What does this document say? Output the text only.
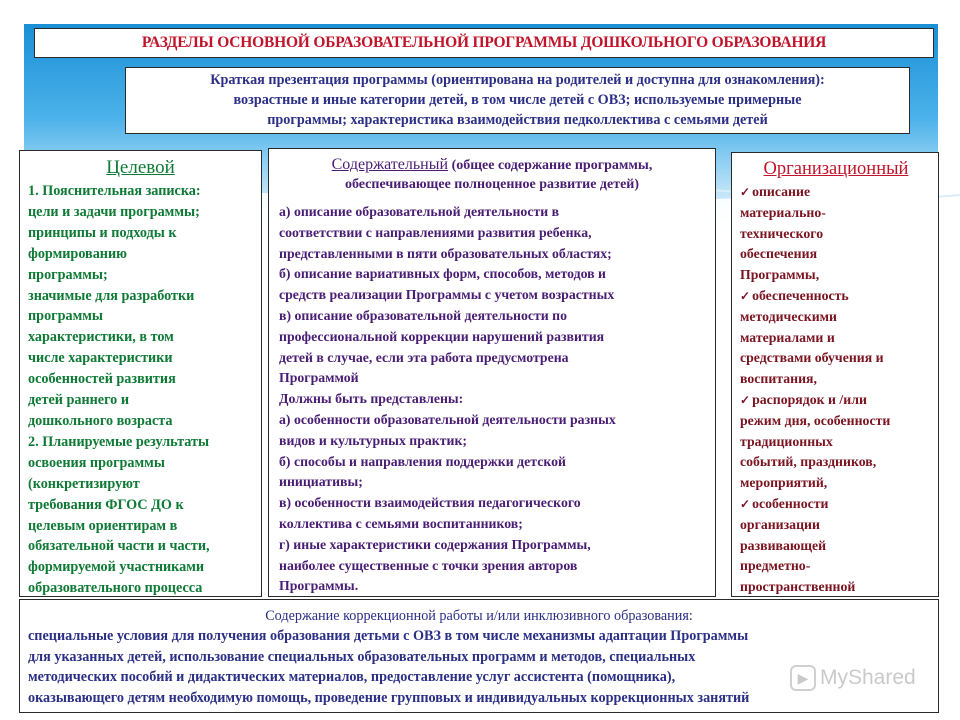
РАЗДЕЛЫ ОСНОВНОЙ ОБРАЗОВАТЕЛЬНОЙ ПРОГРАММЫ ДОШКОЛЬНОГО ОБРАЗОВАНИЯ
Краткая презентация программы (ориентирована на родителей и доступна для ознакомления):
возрастные и иные категории детей, в том числе детей с ОВЗ; используемые примерные
программы; характеристика взаимодействия педколлектива с семьями детей
Целевой
1. Пояснительная записка:
цели и задачи программы;
принципы и подходы к
формированию
программы;
значимые для разработки
программы
характеристики, в том
числе характеристики
особенностей развития
детей раннего и
дошкольного возраста
2. Планируемые результаты
освоения программы
(конкретизируют
требования ФГОС ДО к
целевым ориентирам в
обязательной части и части,
формируемой участниками
образовательного процесса
Содержательный (общее содержание программы,
обеспечивающее полноценное развитие детей)
а) описание образовательной деятельности в
соответствии с направлениями развития ребенка,
представленными в пяти образовательных областях;
б) описание вариативных форм, способов, методов и
средств реализации Программы с учетом возрастных
в) описание образовательной деятельности по
профессиональной коррекции нарушений развития
детей в случае, если эта работа предусмотрена
Программой
Должны быть представлены:
а) особенности образовательной деятельности разных
видов и культурных практик;
б) способы и направления поддержки детской
инициативы;
в) особенности взаимодействия педагогического
коллектива с семьями воспитанников;
г) иные характеристики содержания Программы,
наиболее существенные с точки зрения авторов
Программы.
Организационный
✓ описание
материально-
технического
обеспечения
Программы,
✓ обеспеченность
методическими
материалами и
средствами обучения и
воспитания,
✓ распорядок и /или
режим дня, особенности
традиционных
событий, праздников,
мероприятий,
✓ особенности
организации
развивающей
предметно-
пространственной
Содержание коррекционной работы и/или инклюзивного образования:
специальные условия для получения образования детьми с ОВЗ в том числе механизмы адаптации Программы
для указанных детей, использование специальных образовательных программ и методов, специальных
методических пособий и дидактических материалов, предоставление услуг ассистента (помощника),
оказывающего детям необходимую помощь, проведение групповых и индивидуальных коррекционных занятий
▶ MyShared
